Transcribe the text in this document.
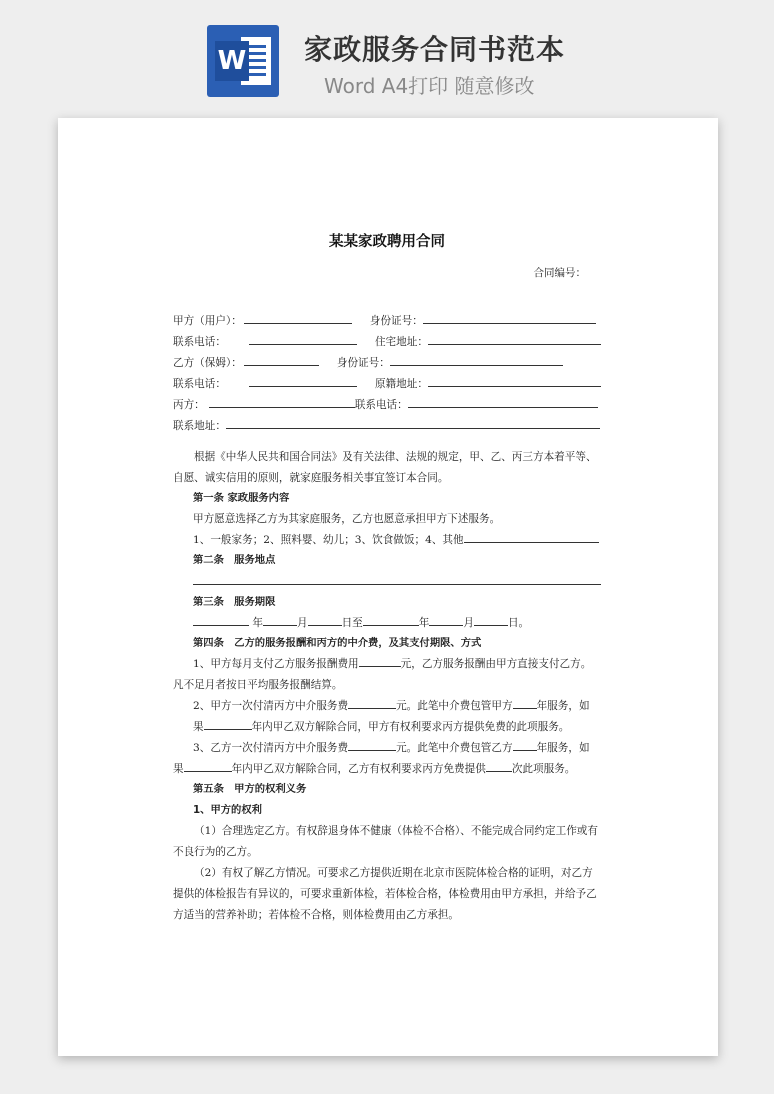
W 家政服务合同书范本
Word A4打印 随意修改
某某家政聘用合同
合同编号：
甲方（用户）：	身份证号：
联系电话：	住宅地址：
乙方（保姆）：	身份证号：
联系电话：	原籍地址：
丙方：	联系电话：
联系地址：
根据《中华人民共和国合同法》及有关法律、法规的规定，甲、乙、丙三方本着平等、自愿、诚实信用的原则，就家庭服务相关事宜签订本合同。
第一条 家政服务内容
甲方愿意选择乙方为其家庭服务，乙方也愿意承担甲方下述服务。
1、一般家务；2、照料婴、幼儿；3、饮食做饭；4、其他
第二条　服务地点
第三条　服务期限
年	月	日至	年	月	日。
第四条　乙方的服务报酬和丙方的中介费，及其支付期限、方式
1、甲方每月支付乙方服务报酬费用	元，乙方服务报酬由甲方直接支付乙方。
凡不足月者按日平均服务报酬结算。
2、甲方一次付清丙方中介服务费	元。此笔中介费包管甲方 年服务，如
果	年内甲乙双方解除合同，甲方有权利要求丙方提供免费的此项服务。
3、乙方一次付清丙方中介服务费	元。此笔中介费包管乙方 年服务，如
果	年内甲乙双方解除合同，乙方有权利要求丙方免费提供 次此项服务。
第五条　甲方的权利义务
1、甲方的权利
（1）合理选定乙方。有权辞退身体不健康（体检不合格）、不能完成合同约定工作或有不良行为的乙方。
（2）有权了解乙方情况。可要求乙方提供近期在北京市医院体检合格的证明，对乙方提供的体检报告有异议的，可要求重新体检，若体检合格，体检费用由甲方承担，并给予乙方适当的营养补助；若体检不合格，则体检费用由乙方承担。
